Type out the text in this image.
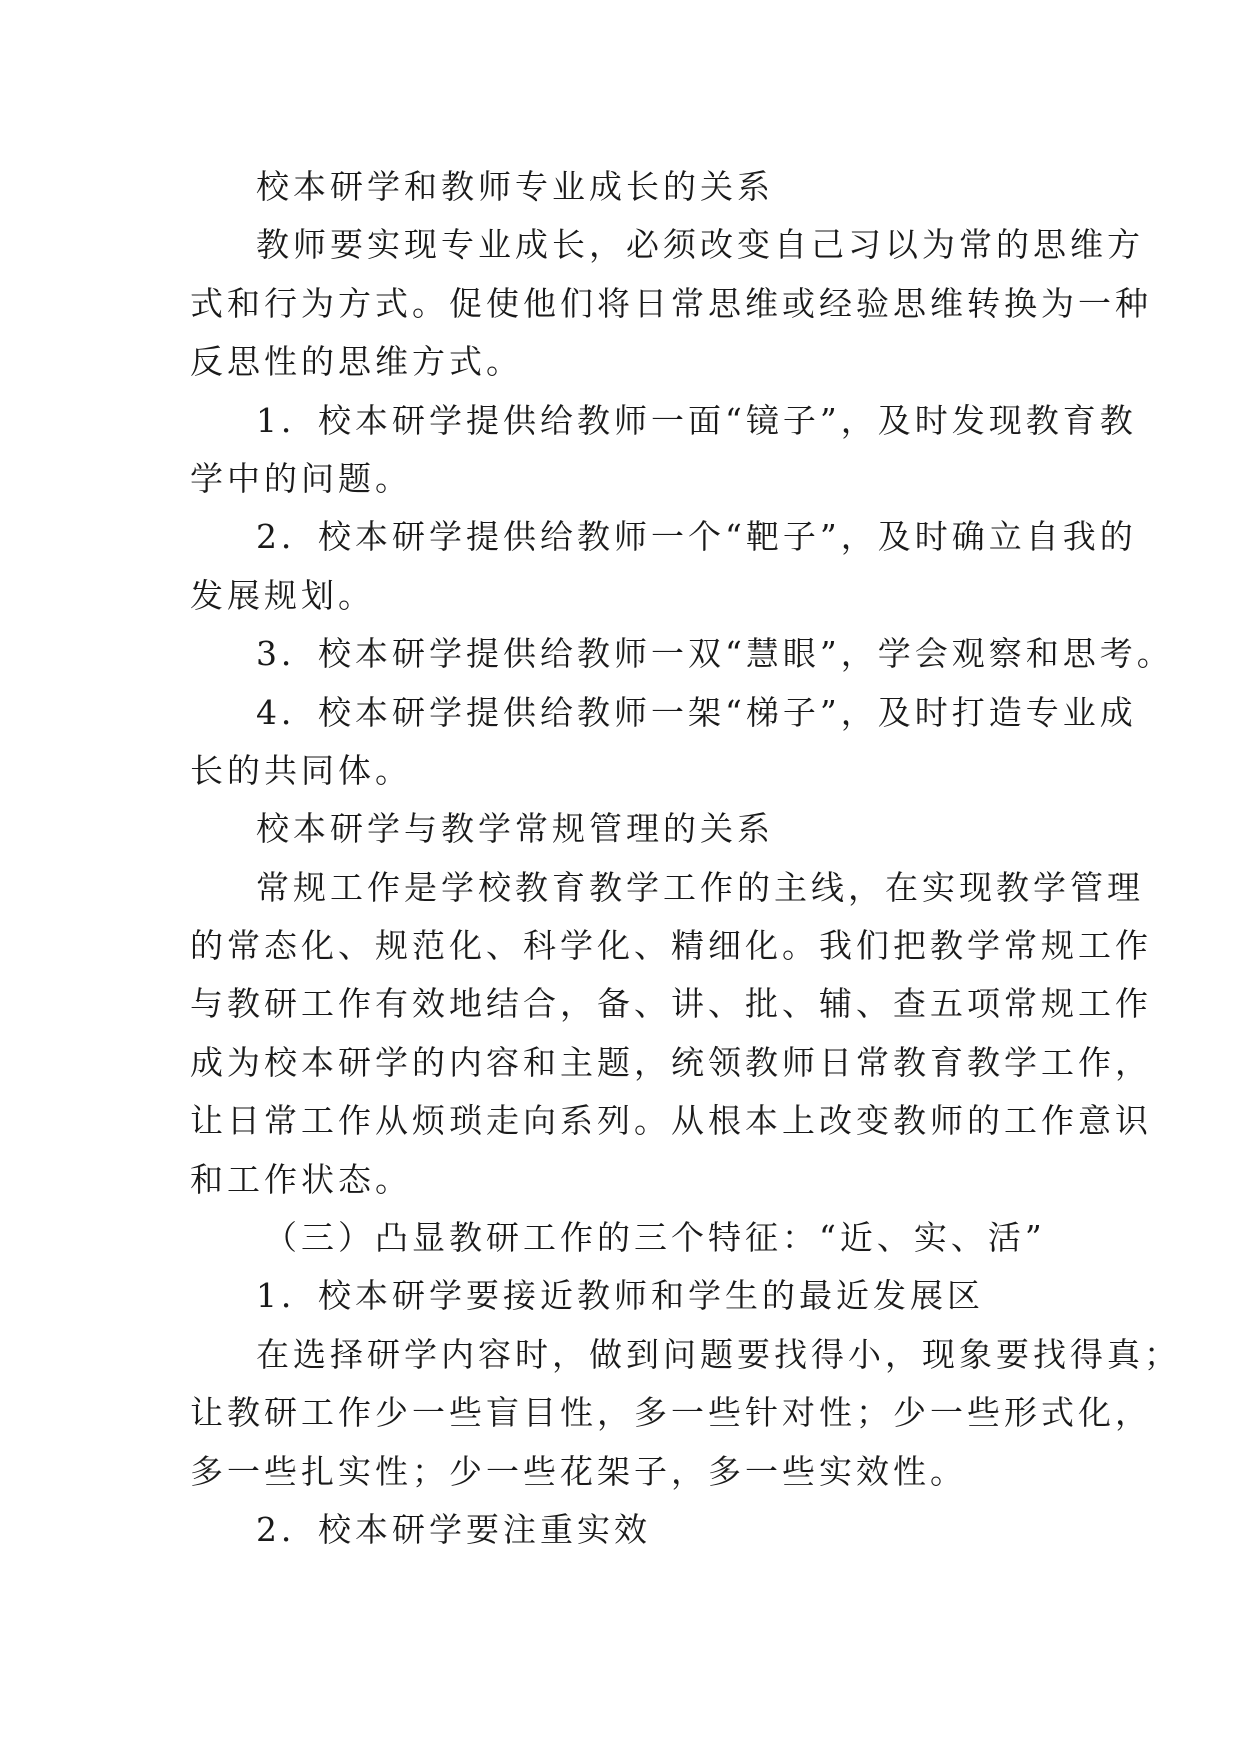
校本研学和教师专业成长的关系
教师要实现专业成长，必须改变自己习以为常的思维方
式和行为方式。促使他们将日常思维或经验思维转换为一种
反思性的思维方式。
1．校本研学提供给教师一面“镜子”，及时发现教育教
学中的问题。
2．校本研学提供给教师一个“靶子”，及时确立自我的
发展规划。
3．校本研学提供给教师一双“慧眼”，学会观察和思考。
4．校本研学提供给教师一架“梯子”，及时打造专业成
长的共同体。
校本研学与教学常规管理的关系
常规工作是学校教育教学工作的主线，在实现教学管理
的常态化、规范化、科学化、精细化。我们把教学常规工作
与教研工作有效地结合，备、讲、批、辅、查五项常规工作
成为校本研学的内容和主题，统领教师日常教育教学工作，
让日常工作从烦琐走向系列。从根本上改变教师的工作意识
和工作状态。
（三）凸显教研工作的三个特征：“近、实、活”
1．校本研学要接近教师和学生的最近发展区
在选择研学内容时，做到问题要找得小，现象要找得真；
让教研工作少一些盲目性，多一些针对性；少一些形式化，
多一些扎实性；少一些花架子，多一些实效性。
2．校本研学要注重实效
